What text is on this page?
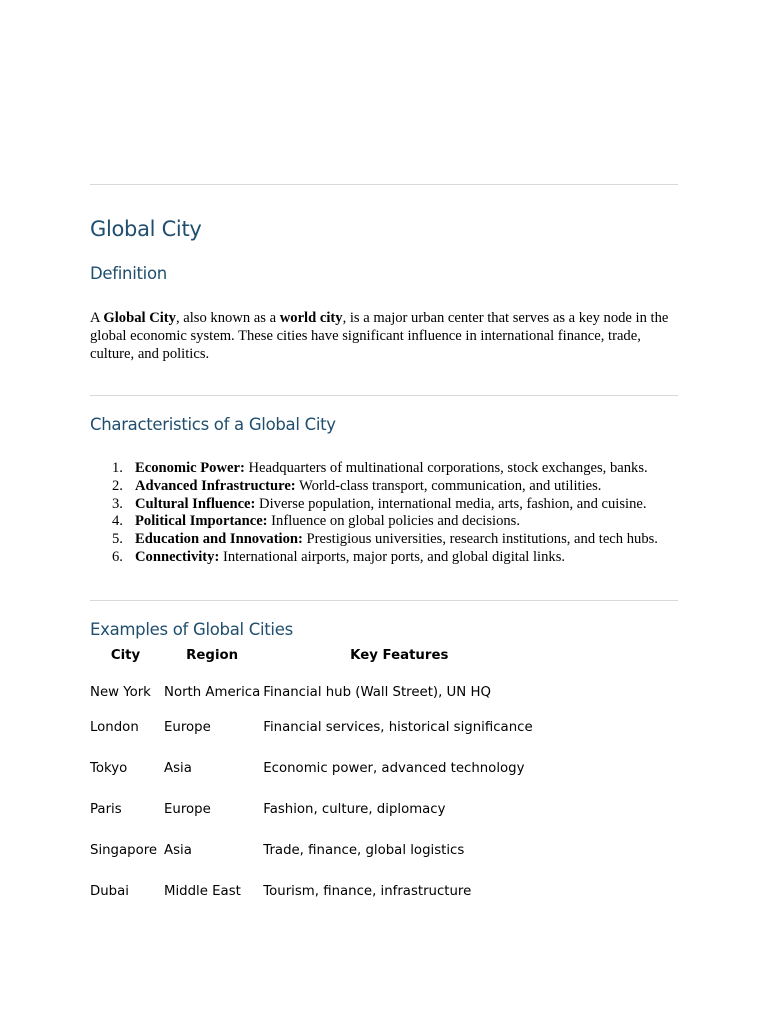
Global City
Definition
A Global City, also known as a world city, is a major urban center that serves as a key node in the global economic system. These cities have significant influence in international finance, trade, culture, and politics.
Characteristics of a Global City
1. Economic Power: Headquarters of multinational corporations, stock exchanges, banks.
2. Advanced Infrastructure: World-class transport, communication, and utilities.
3. Cultural Influence: Diverse population, international media, arts, fashion, and cuisine.
4. Political Importance: Influence on global policies and decisions.
5. Education and Innovation: Prestigious universities, research institutions, and tech hubs.
6. Connectivity: International airports, major ports, and global digital links.
Examples of Global Cities
City	Region	Key Features
New York	North America	Financial hub (Wall Street), UN HQ
London	Europe	Financial services, historical significance
Tokyo	Asia	Economic power, advanced technology
Paris	Europe	Fashion, culture, diplomacy
Singapore	Asia	Trade, finance, global logistics
Dubai	Middle East	Tourism, finance, infrastructure
